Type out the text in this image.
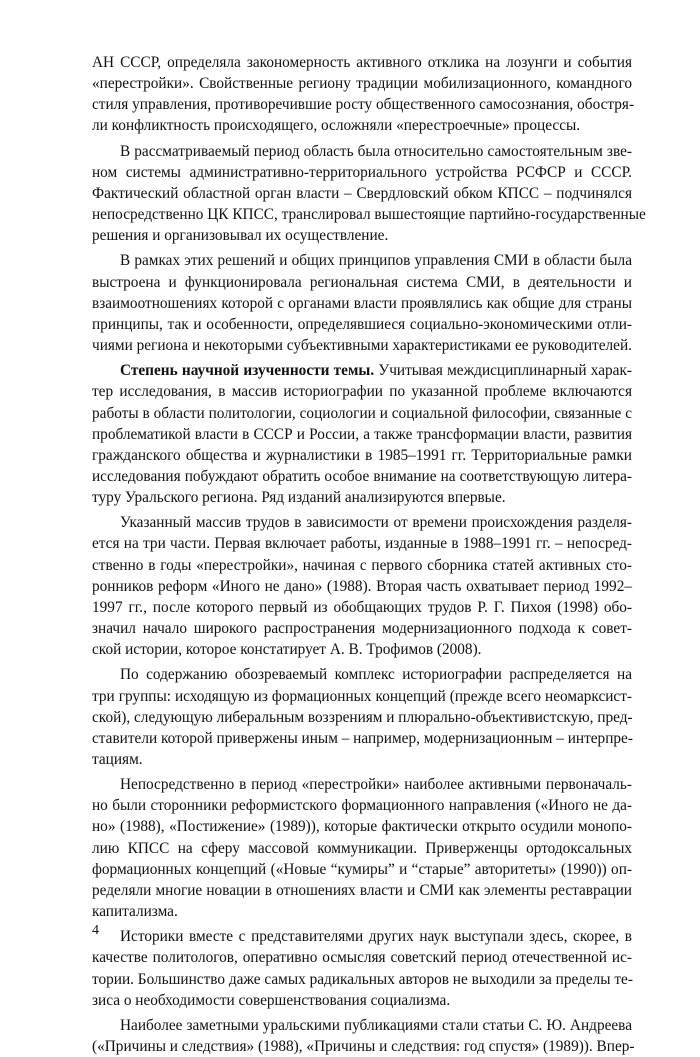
АН СССР, определяла закономерность активного отклика на лозунги и события
«перестройки». Свойственные региону традиции мобилизационного, командного
стиля управления, противоречившие росту общественного самосознания, обостря-
ли конфликтность происходящего, осложняли «перестроечные» процессы.
В рассматриваемый период область была относительно самостоятельным зве-
ном системы административно-территориального устройства РСФСР и СССР.
Фактический областной орган власти – Свердловский обком КПСС – подчинялся
непосредственно ЦК КПСС, транслировал вышестоящие партийно-государственные
решения и организовывал их осуществление.
В рамках этих решений и общих принципов управления СМИ в области была
выстроена и функционировала региональная система СМИ, в деятельности и
взаимоотношениях которой с органами власти проявлялись как общие для страны
принципы, так и особенности, определявшиеся социально-экономическими отли-
чиями региона и некоторыми субъективными характеристиками ее руководителей.
Степень научной изученности темы. Учитывая междисциплинарный харак-
тер исследования, в массив историографии по указанной проблеме включаются
работы в области политологии, социологии и социальной философии, связанные с
проблематикой власти в СССР и России, а также трансформации власти, развития
гражданского общества и журналистики в 1985–1991 гг. Территориальные рамки
исследования побуждают обратить особое внимание на соответствующую литера-
туру Уральского региона. Ряд изданий анализируются впервые.
Указанный массив трудов в зависимости от времени происхождения разделя-
ется на три части. Первая включает работы, изданные в 1988–1991 гг. – непосред-
ственно в годы «перестройки», начиная с первого сборника статей активных сто-
ронников реформ «Иного не дано» (1988). Вторая часть охватывает период 1992–
1997 гг., после которого первый из обобщающих трудов Р. Г. Пихоя (1998) обо-
значил начало широкого распространения модернизационного подхода к совет-
ской истории, которое констатирует А. В. Трофимов (2008).
По содержанию обозреваемый комплекс историографии распределяется на
три группы: исходящую из формационных концепций (прежде всего неомарксист-
ской), следующую либеральным воззрениям и плюрально-объективистскую, пред-
ставители которой привержены иным – например, модернизационным – интерпре-
тациям.
Непосредственно в период «перестройки» наиболее активными первоначаль-
но были сторонники реформистского формационного направления («Иного не да-
но» (1988), «Постижение» (1989)), которые фактически открыто осудили монопо-
лию КПСС на сферу массовой коммуникации. Приверженцы ортодоксальных
формационных концепций («Новые “кумиры” и “старые” авторитеты» (1990)) оп-
ределяли многие новации в отношениях власти и СМИ как элементы реставрации
капитализма.
Историки вместе с представителями других наук выступали здесь, скорее, в
качестве политологов, оперативно осмысляя советский период отечественной ис-
тории. Большинство даже самых радикальных авторов не выходили за пределы те-
зиса о необходимости совершенствования социализма.
Наиболее заметными уральскими публикациями стали статьи С. Ю. Андреева
(«Причины и следствия» (1988), «Причины и следствия: год спустя» (1989)). Впер-
4
